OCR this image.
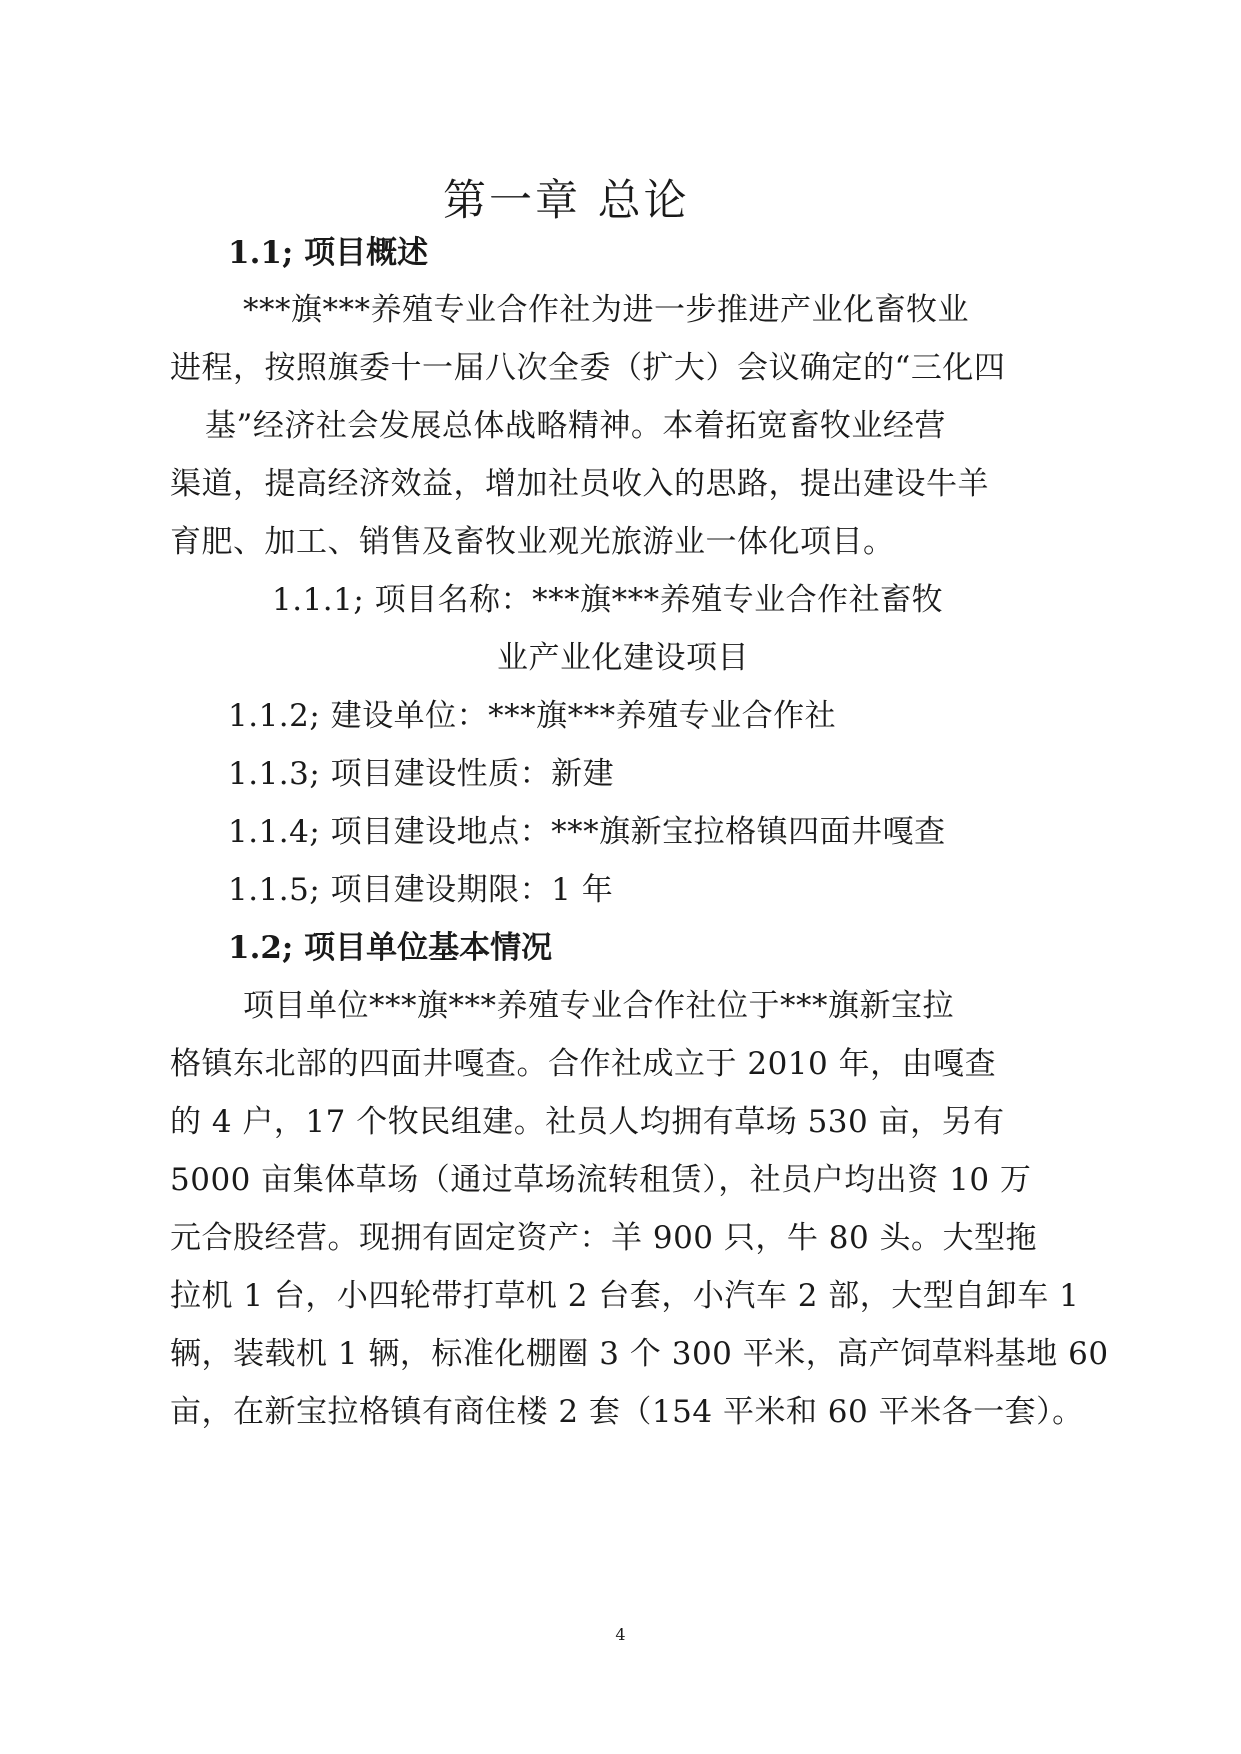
第一章 总论
1.1; 项目概述
***旗***养殖专业合作社为进一步推进产业化畜牧业
进程，按照旗委十一届八次全委（扩大）会议确定的“三化四
基”经济社会发展总体战略精神。本着拓宽畜牧业经营
渠道，提高经济效益，增加社员收入的思路，提出建设牛羊
育肥、加工、销售及畜牧业观光旅游业一体化项目。
1.1.1; 项目名称：***旗***养殖专业合作社畜牧
业产业化建设项目
1.1.2; 建设单位：***旗***养殖专业合作社
1.1.3; 项目建设性质：新建
1.1.4; 项目建设地点：***旗新宝拉格镇四面井嘎查
1.1.5; 项目建设期限：1 年
1.2; 项目单位基本情况
项目单位***旗***养殖专业合作社位于***旗新宝拉
格镇东北部的四面井嘎查。合作社成立于 2010 年，由嘎查
的 4 户，17 个牧民组建。社员人均拥有草场 530 亩，另有
5000 亩集体草场（通过草场流转租赁），社员户均出资 10 万
元合股经营。现拥有固定资产：羊 900 只，牛 80 头。大型拖
拉机 1 台，小四轮带打草机 2 台套，小汽车 2 部，大型自卸车 1
辆，装载机 1 辆，标准化棚圈 3 个 300 平米，高产饲草料基地 60
亩，在新宝拉格镇有商住楼 2 套（154 平米和 60 平米各一套）。
4
